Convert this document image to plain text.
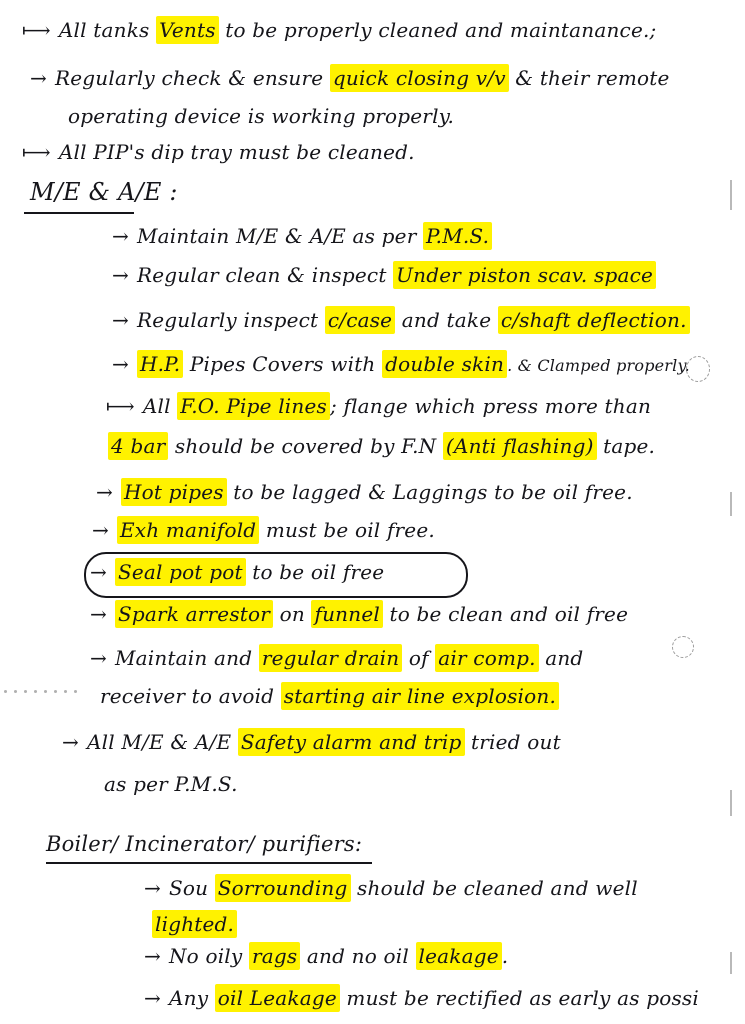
⟼ All tanks Vents to be properly cleaned and maintanance.;
→ Regularly check & ensure quick closing v/v & their remote
operating device is working properly.
⟼ All PIP's dip tray must be cleaned.
M/E & A/E :
→ Maintain M/E & A/E as per P.M.S.
→ Regular clean & inspect Under piston scav. space
→ Regularly inspect c/case and take c/shaft deflection.
→ H.P. Pipes Covers with double skin . & Clamped properly.
⟼ All F.O. Pipe lines ; flange which press more than
4 bar should be covered by F.N (Anti flashing) tape.
→ Hot pipes to be lagged & Laggings to be oil free.
→ Exh manifold must be oil free.
→ Seal pot pot to be oil free
→ Spark arrestor on funnel to be clean and oil free
→ Maintain and regular drain of air comp. and
receiver to avoid starting air line explosion.
→ All M/E & A/E Safety alarm and trip tried out
as per P.M.S.
Boiler/ Incinerator/ purifiers:
→ Sou Sorrounding should be cleaned and well
lighted.
→ No oily rags and no oil leakage .
→ Any oil Leakage must be rectified as early as possi
